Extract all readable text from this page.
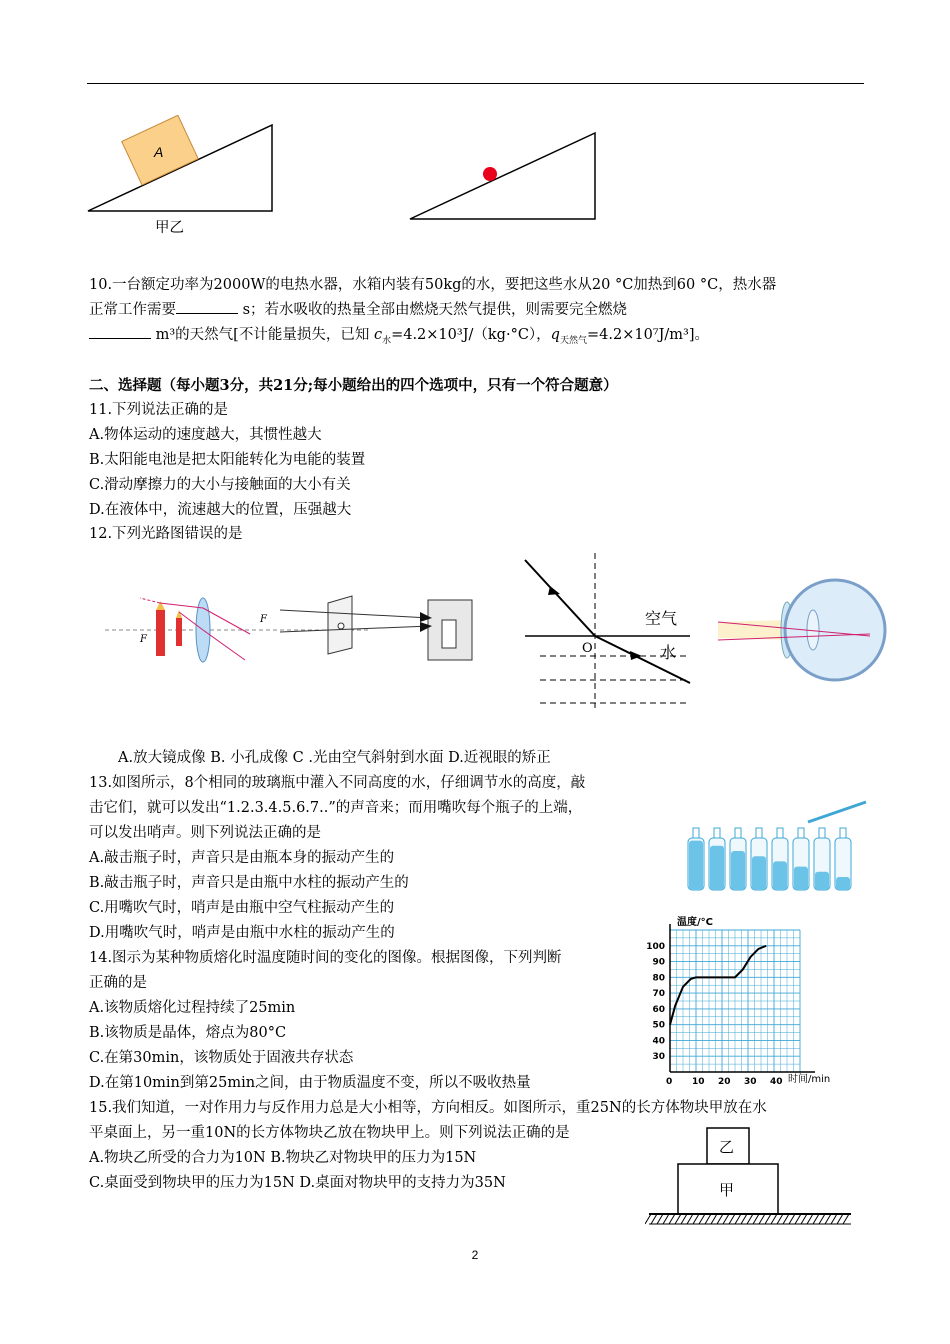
A
甲乙
10.一台额定功率为2000W的电热水器，水箱内装有50kg的水，要把这些水从20 °C加热到60 °C，热水器
正常工作需要	s；若水吸收的热量全部由燃烧天然气提供，则需要完全燃烧
m³的天然气[不计能量损失，已知 $c_水=4.2\times 10^3J/(kg\cdot^\circ C)$，$q_{天然气}=4.2\times 10^7J/m^3$]。
二、选择题（每小题3分，共21分;每小题给出的四个选项中，只有一个符合题意）
11.下列说法正确的是
A.物体运动的速度越大，其惯性越大
B.太阳能电池是把太阳能转化为电能的装置
C.滑动摩擦力的大小与接触面的大小有关
D.在液体中，流速越大的位置，压强越大
12.下列光路图错误的是
F
F	空气
水
O
A.放大镜成像 B. 小孔成像 C .光由空气斜射到水面 D.近视眼的矫正
13.如图所示，8个相同的玻璃瓶中灌入不同高度的水，仔细调节水的高度，敲
击它们，就可以发出“1.2.3.4.5.6.7..”的声音来；而用嘴吹每个瓶子的上端，
可以发出哨声。则下列说法正确的是
A.敲击瓶子时，声音只是由瓶本身的振动产生的
B.敲击瓶子时，声音只是由瓶中水柱的振动产生的
C.用嘴吹气时，哨声是由瓶中空气柱振动产生的
D.用嘴吹气时，哨声是由瓶中水柱的振动产生的
14.图示为某种物质熔化时温度随时间的变化的图像。根据图像，下列判断
正确的是
A.该物质熔化过程持续了25min
B.该物质是晶体，熔点为80°C
C.在第30min，该物质处于固液共存状态
D.在第10min到第25min之间，由于物质温度不变，所以不吸收热量
温度/°C
时间/min
0 10 20 30 40
30
40
50
60
70
80
90
100
15.我们知道，一对作用力与反作用力总是大小相等，方向相反。如图所示，重25N的长方体物块甲放在水
平桌面上，另一重10N的长方体物块乙放在物块甲上。则下列说法正确的是
A.物块乙所受的合力为10N B.物块乙对物块甲的压力为15N
C.桌面受到物块甲的压力为15N D.桌面对物块甲的支持力为35N
乙
甲
2
